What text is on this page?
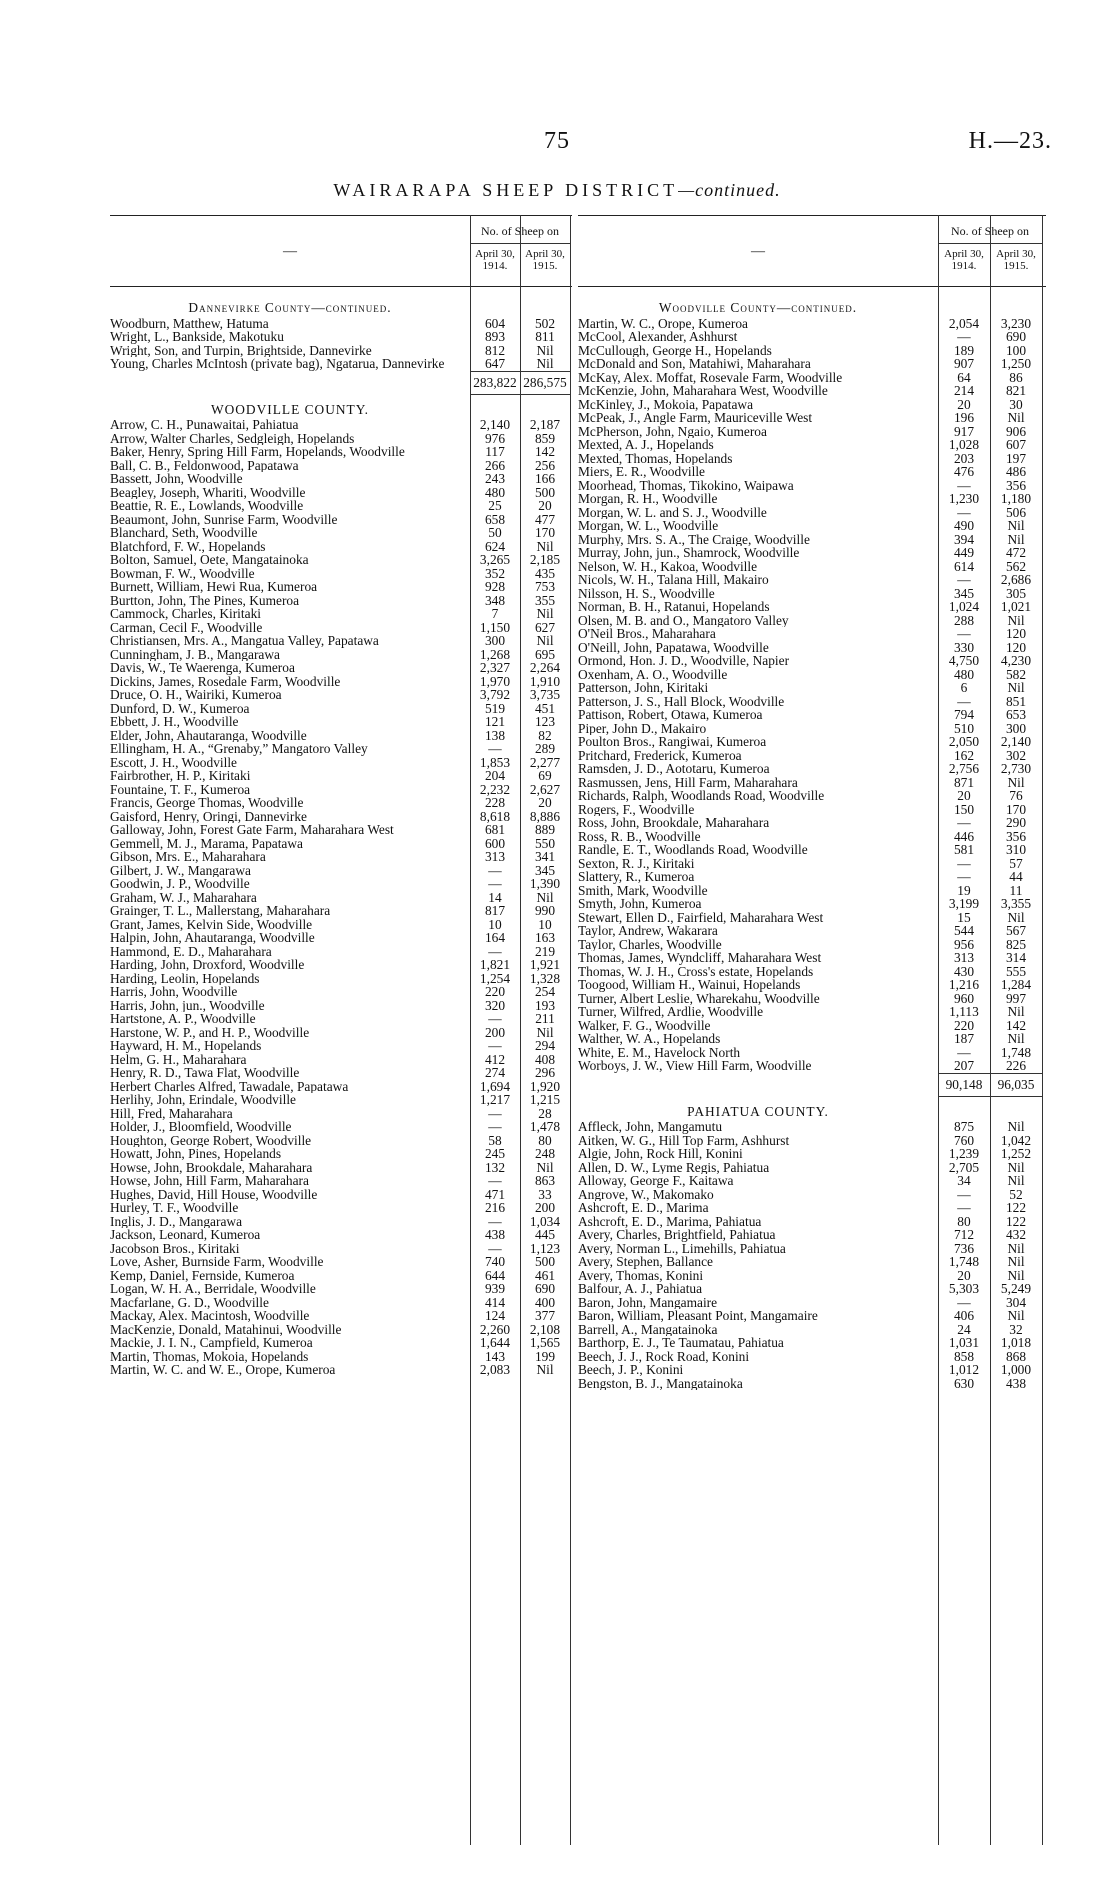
75	H.—23.
WAIRARAPA SHEEP DISTRICT—continued.
—
No. of Sheep on
April 30,
1914.
April 30,
1915.
Dannevirke County—continued.
Woodburn, Matthew, Hatuma	604	502
Wright, L., Bankside, Makotuku	893	811
Wright, Son, and Turpin, Brightside, Dannevirke	812	Nil
Young, Charles McIntosh (private bag), Ngatarua, Dannevirke	647	Nil
283,822 286,575
WOODVILLE COUNTY.
Arrow, C. H., Punawaitai, Pahiatua	2,140	2,187
Arrow, Walter Charles, Sedgleigh, Hopelands	976	859
Baker, Henry, Spring Hill Farm, Hopelands, Woodville	117	142
Ball, C. B., Feldonwood, Papatawa	266	256
Bassett, John, Woodville	243	166
Beagley, Joseph, Whariti, Woodville	480	500
Beattie, R. E., Lowlands, Woodville	25	20
Beaumont, John, Sunrise Farm, Woodville	658	477
Blanchard, Seth, Woodville	50	170
Blatchford, F. W., Hopelands	624	Nil
Bolton, Samuel, Oete, Mangatainoka	3,265	2,185
Bowman, F. W., Woodville	352	435
Burnett, William, Hewi Rua, Kumeroa	928	753
Burtton, John, The Pines, Kumeroa	348	355
Cammock, Charles, Kiritaki	7	Nil
Carman, Cecil F., Woodville	1,150	627
Christiansen, Mrs. A., Mangatua Valley, Papatawa	300	Nil
Cunningham, J. B., Mangarawa	1,268	695
Davis, W., Te Waerenga, Kumeroa	2,327	2,264
Dickins, James, Rosedale Farm, Woodville	1,970	1,910
Druce, O. H., Wairiki, Kumeroa	3,792	3,735
Dunford, D. W., Kumeroa	519	451
Ebbett, J. H., Woodville	121	123
Elder, John, Ahautaranga, Woodville	138	82
Ellingham, H. A., “Grenaby,” Mangatoro Valley	—	289
Escott, J. H., Woodville	1,853	2,277
Fairbrother, H. P., Kiritaki	204	69
Fountaine, T. F., Kumeroa	2,232	2,627
Francis, George Thomas, Woodville	228	20
Gaisford, Henry, Oringi, Dannevirke	8,618	8,886
Galloway, John, Forest Gate Farm, Maharahara West	681	889
Gemmell, M. J., Marama, Papatawa	600	550
Gibson, Mrs. E., Maharahara	313	341
Gilbert, J. W., Mangarawa	—	345
Goodwin, J. P., Woodville	—	1,390
Graham, W. J., Maharahara	14	Nil
Grainger, T. L., Mallerstang, Maharahara	817	990
Grant, James, Kelvin Side, Woodville	10	10
Halpin, John, Ahautaranga, Woodville	164	163
Hammond, E. D., Maharahara	—	219
Harding, John, Droxford, Woodville	1,821	1,921
Harding, Leolin, Hopelands	1,254	1,328
Harris, John, Woodville	220	254
Harris, John, jun., Woodville	320	193
Hartstone, A. P., Woodville	—	211
Harstone, W. P., and H. P., Woodville	200	Nil
Hayward, H. M., Hopelands	—	294
Helm, G. H., Maharahara	412	408
Henry, R. D., Tawa Flat, Woodville	274	296
Herbert Charles Alfred, Tawadale, Papatawa	1,694	1,920
Herlihy, John, Erindale, Woodville	1,217	1,215
Hill, Fred, Maharahara	—	28
Holder, J., Bloomfield, Woodville	—	1,478
Houghton, George Robert, Woodville	58	80
Howatt, John, Pines, Hopelands	245	248
Howse, John, Brookdale, Maharahara	132	Nil
Howse, John, Hill Farm, Maharahara	—	863
Hughes, David, Hill House, Woodville	471	33
Hurley, T. F., Woodville	216	200
Inglis, J. D., Mangarawa	—	1,034
Jackson, Leonard, Kumeroa	438	445
Jacobson Bros., Kiritaki	—	1,123
Love, Asher, Burnside Farm, Woodville	740	500
Kemp, Daniel, Fernside, Kumeroa	644	461
Logan, W. H. A., Berridale, Woodville	939	690
Macfarlane, G. D., Woodville	414	400
Mackay, Alex. Macintosh, Woodville	124	377
MacKenzie, Donald, Matahinui, Woodville	2,260	2,108
Mackie, J. I. N., Campfield, Kumeroa	1,644	1,565
Martin, Thomas, Mokoia, Hopelands	143	199
Martin, W. C. and W. E., Orope, Kumeroa	2,083	Nil
—
No. of Sheep on
April 30,
1914.
April 30,
1915.
Woodville County—continued.
Martin, W. C., Orope, Kumeroa	2,054	3,230
McCool, Alexander, Ashhurst	—	690
McCullough, George H., Hopelands	189	100
McDonald and Son, Matahiwi, Maharahara	907	1,250
McKay, Alex. Moffat, Rosevale Farm, Woodville	64	86
McKenzie, John, Maharahara West, Woodville	214	821
McKinley, J., Mokoia, Papatawa	20	30
McPeak, J., Angle Farm, Mauriceville West	196	Nil
McPherson, John, Ngaio, Kumeroa	917	906
Mexted, A. J., Hopelands	1,028	607
Mexted, Thomas, Hopelands	203	197
Miers, E. R., Woodville	476	486
Moorhead, Thomas, Tikokino, Waipawa	—	356
Morgan, R. H., Woodville	1,230	1,180
Morgan, W. L. and S. J., Woodville	—	506
Morgan, W. L., Woodville	490	Nil
Murphy, Mrs. S. A., The Craige, Woodville	394	Nil
Murray, John, jun., Shamrock, Woodville	449	472
Nelson, W. H., Kakoa, Woodville	614	562
Nicols, W. H., Talana Hill, Makairo	—	2,686
Nilsson, H. S., Woodville	345	305
Norman, B. H., Ratanui, Hopelands	1,024	1,021
Olsen, M. B. and O., Mangatoro Valley	288	Nil
O'Neil Bros., Maharahara	—	120
O'Neill, John, Papatawa, Woodville	330	120
Ormond, Hon. J. D., Woodville, Napier	4,750	4,230
Oxenham, A. O., Woodville	480	582
Patterson, John, Kiritaki	6	Nil
Patterson, J. S., Hall Block, Woodville	—	851
Pattison, Robert, Otawa, Kumeroa	794	653
Piper, John D., Makairo	510	300
Poulton Bros., Rangiwai, Kumeroa	2,050	2,140
Pritchard, Frederick, Kumeroa	162	302
Ramsden, J. D., Aototaru, Kumeroa	2,756	2,730
Rasmussen, Jens, Hill Farm, Maharahara	871	Nil
Richards, Ralph, Woodlands Road, Woodville	20	76
Rogers, F., Woodville	150	170
Ross, John, Brookdale, Maharahara	—	290
Ross, R. B., Woodville	446	356
Randle, E. T., Woodlands Road, Woodville	581	310
Sexton, R. J., Kiritaki	—	57
Slattery, R., Kumeroa	—	44
Smith, Mark, Woodville	19	11
Smyth, John, Kumeroa	3,199	3,355
Stewart, Ellen D., Fairfield, Maharahara West	15	Nil
Taylor, Andrew, Wakarara	544	567
Taylor, Charles, Woodville	956	825
Thomas, James, Wyndcliff, Maharahara West	313	314
Thomas, W. J. H., Cross's estate, Hopelands	430	555
Toogood, William H., Wainui, Hopelands	1,216	1,284
Turner, Albert Leslie, Wharekahu, Woodville	960	997
Turner, Wilfred, Ardlie, Woodville	1,113	Nil
Walker, F. G., Woodville	220	142
Walther, W. A., Hopelands	187	Nil
White, E. M., Havelock North	—	1,748
Worboys, J. W., View Hill Farm, Woodville	207	226
90,148	96,035
PAHIATUA COUNTY.
Affleck, John, Mangamutu	875	Nil
Aitken, W. G., Hill Top Farm, Ashhurst	760	1,042
Algie, John, Rock Hill, Konini	1,239	1,252
Allen, D. W., Lyme Regis, Pahiatua	2,705	Nil
Alloway, George F., Kaitawa	34	Nil
Angrove, W., Makomako	—	52
Ashcroft, E. D., Marima	—	122
Ashcroft, E. D., Marima, Pahiatua	80	122
Avery, Charles, Brightfield, Pahiatua	712	432
Avery, Norman L., Limehills, Pahiatua	736	Nil
Avery, Stephen, Ballance	1,748	Nil
Avery, Thomas, Konini	20	Nil
Balfour, A. J., Pahiatua	5,303	5,249
Baron, John, Mangamaire	—	304
Baron, William, Pleasant Point, Mangamaire	406	Nil
Barrell, A., Mangatainoka	24	32
Barthorp, E. J., Te Taumatau, Pahiatua	1,031	1,018
Beech, J. J., Rock Road, Konini	858	868
Beech, J. P., Konini	1,012	1,000
Bengston, B. J., Mangatainoka	630	438
